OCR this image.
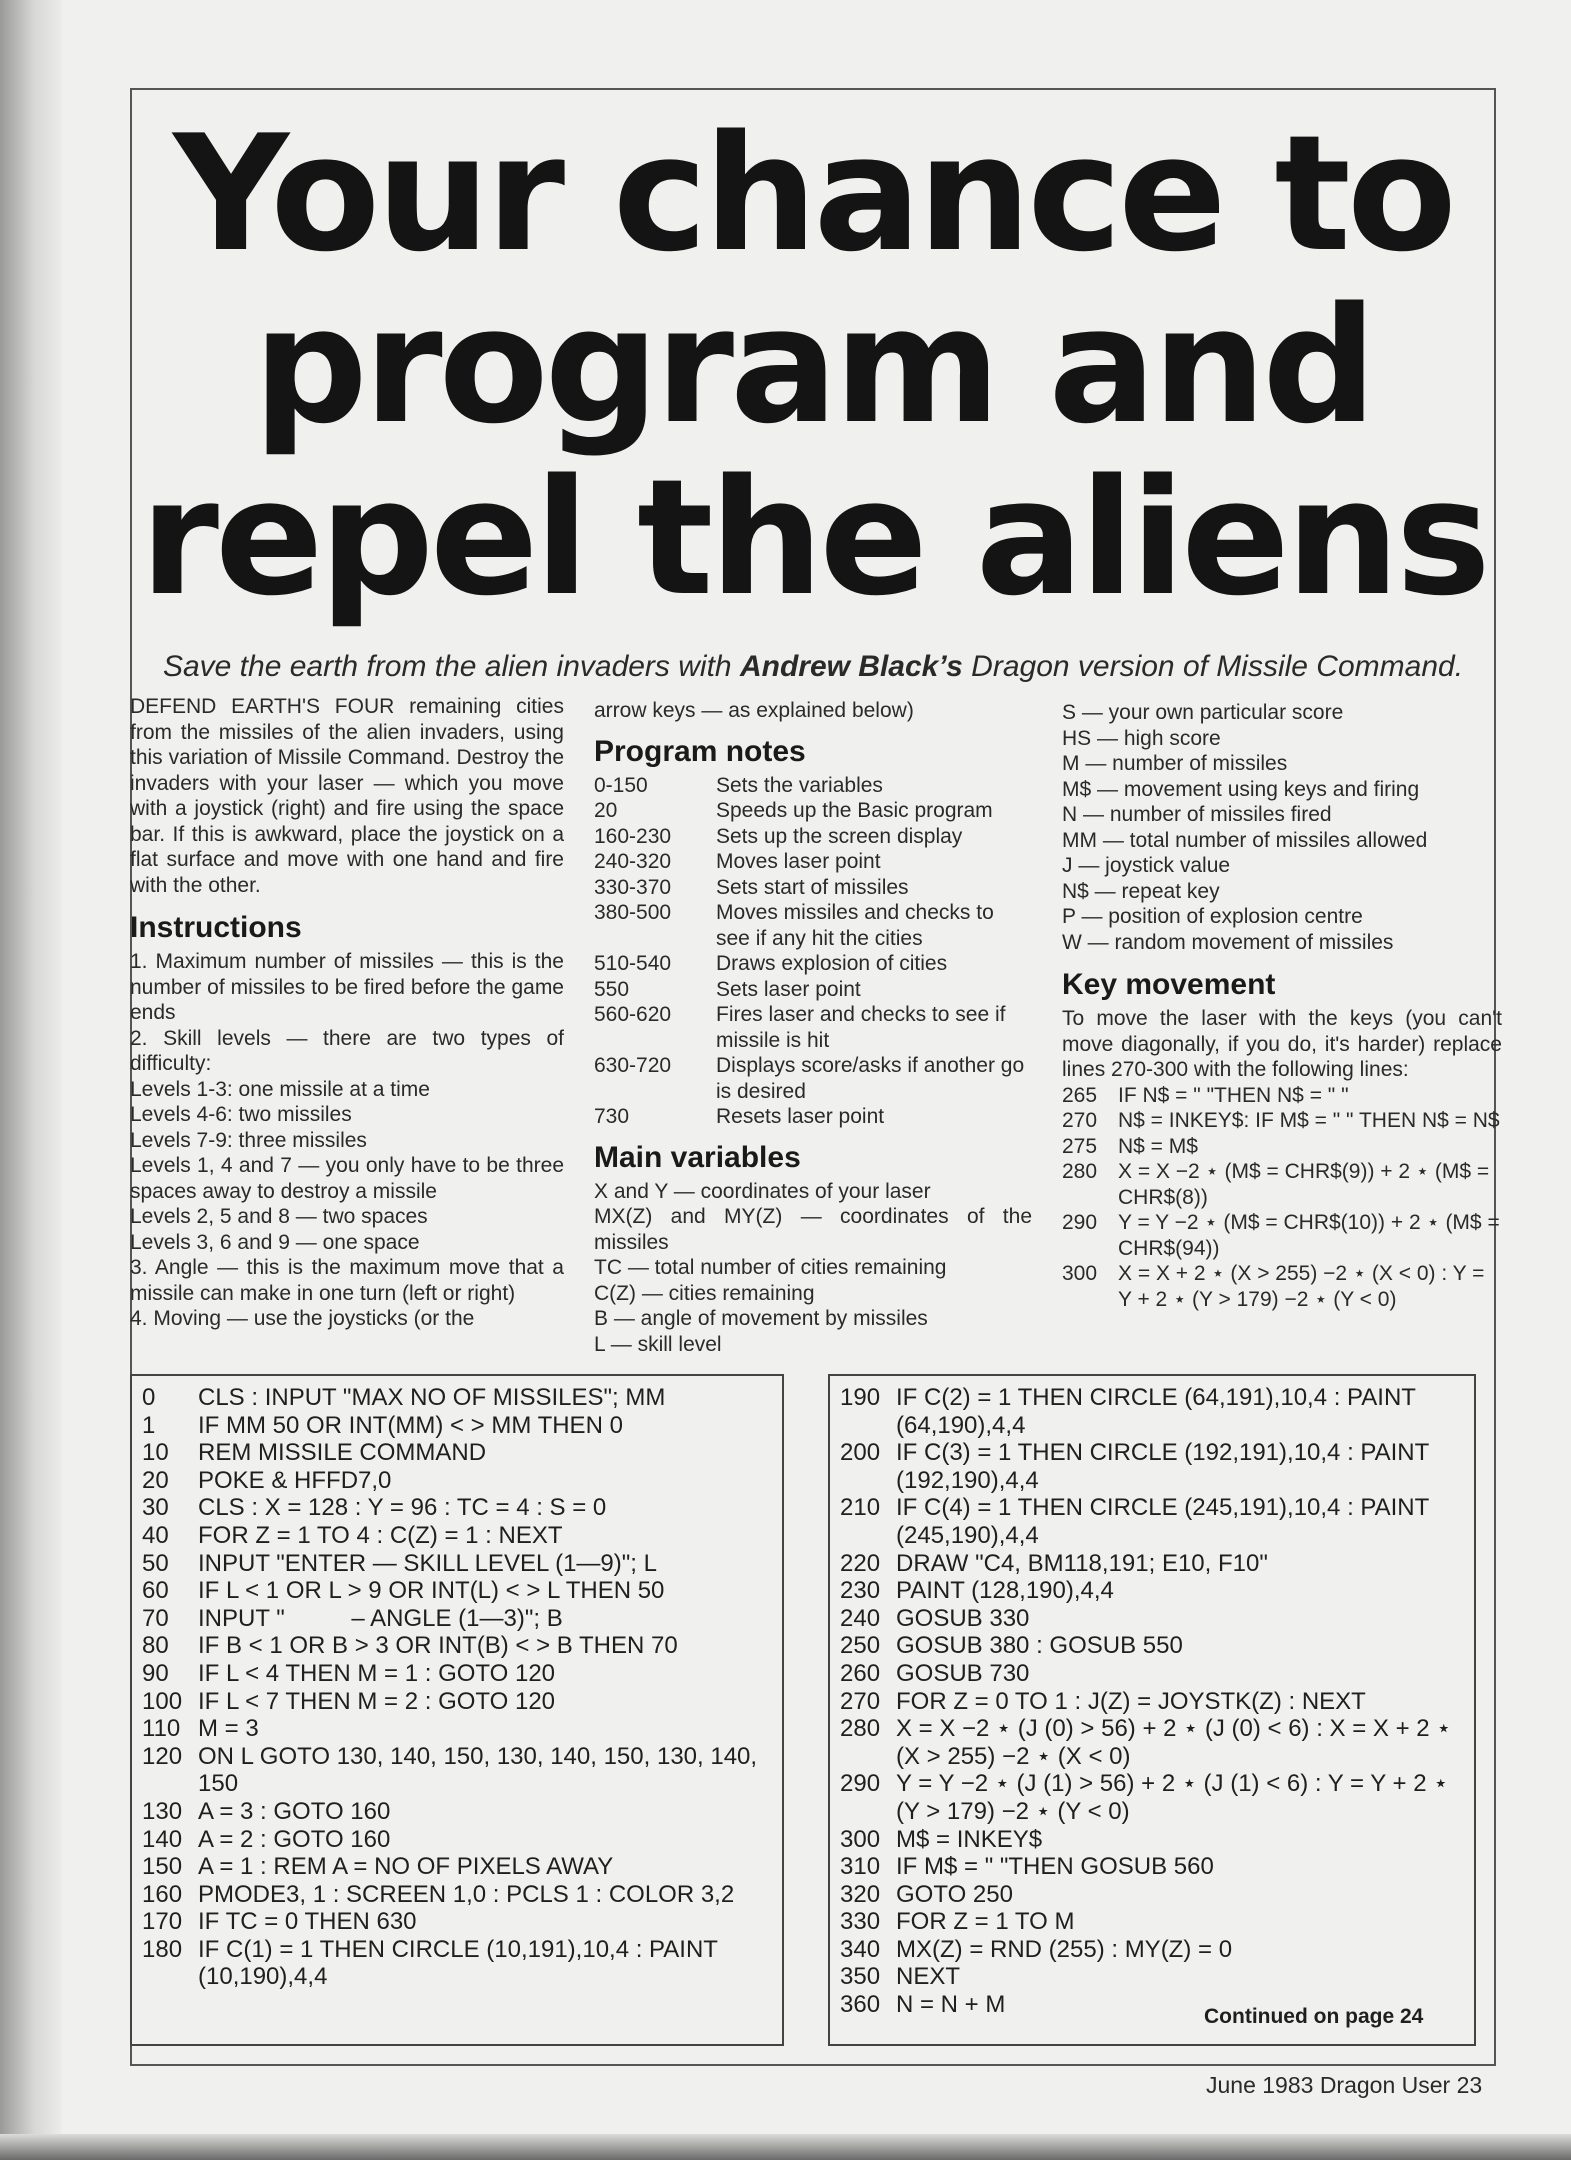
Your chance to
program and
repel the aliens
Save the earth from the alien invaders with Andrew Black’s Dragon version of Missile Command.

DEFEND EARTH'S FOUR remaining cities from the missiles of the alien invaders, using this variation of Missile Command. Destroy the invaders with your laser — which you move with a joystick (right) and fire using the space bar. If this is awkward, place the joystick on a flat surface and move with one hand and fire with the other.

Instructions

1. Maximum number of missiles — this is the number of missiles to be fired before the game ends

2. Skill levels — there are two types of difficulty:

Levels 1-3: one missile at a time

Levels 4-6: two missiles

Levels 7-9: three missiles

Levels 1, 4 and 7 — you only have to be three spaces away to destroy a missile

Levels 2, 5 and 8 — two spaces

Levels 3, 6 and 9 — one space

3. Angle — this is the maximum move that a missile can make in one turn (left or right)

4. Moving — use the joysticks (or the

arrow keys — as explained below)

Program notes
0-150	Sets the variables
20	Speeds up the Basic program
160-230	Sets up the screen display
240-320	Moves laser point
330-370	Sets start of missiles
380-500	Moves missiles and checks to see if any hit the cities
510-540	Draws explosion of cities
550	Sets laser point
560-620	Fires laser and checks to see if missile is hit
630-720	Displays score/asks if another go is desired
730	Resets laser point
Main variables

X and Y — coordinates of your laser

MX(Z) and MY(Z) — coordinates of the missiles

TC — total number of cities remaining

C(Z) — cities remaining

B — angle of movement by missiles

L — skill level

S — your own particular score

HS — high score

M — number of missiles

M$ — movement using keys and firing

N — number of missiles fired

MM — total number of missiles allowed

J — joystick value

N$ — repeat key

P — position of explosion centre

W — random movement of missiles

Key movement

To move the laser with the keys (you can't move diagonally, if you do, it's harder) replace lines 270-300 with the following lines:

265 IF N$ = " "THEN N$ = " "
270 N$ = INKEY$: IF M$ = " " THEN N$ = N$
275 N$ = M$
280 X = X −2 ⋆ (M$ = CHR$(9)) + 2 ⋆ (M$ = CHR$(8))
290 Y = Y −2 ⋆ (M$ = CHR$(10)) + 2 ⋆ (M$ = CHR$(94))
300 X = X + 2 ⋆ (X > 255) −2 ⋆ (X < 0) : Y = Y + 2 ⋆ (Y > 179) −2 ⋆ (Y < 0)
0	CLS : INPUT "MAX NO OF MISSILES"; MM
1	IF MM 50 OR INT(MM) < > MM THEN 0
10	REM MISSILE COMMAND
20	POKE & HFFD7,0
30	CLS : X = 128 : Y = 96 : TC = 4 : S = 0
40	FOR Z = 1 TO 4 : C(Z) = 1 : NEXT
50	INPUT "ENTER — SKILL LEVEL (1—9)"; L
60	IF L < 1 OR L > 9 OR INT(L) < > L THEN 50
70	INPUT "          – ANGLE (1—3)"; B
80	IF B < 1 OR B > 3 OR INT(B) < > B THEN 70
90	IF L < 4 THEN M = 1 : GOTO 120
100 IF L < 7 THEN M = 2 : GOTO 120
110 M = 3
120 ON L GOTO 130, 140, 150, 130, 140, 150, 130, 140, 150
130 A = 3 : GOTO 160
140 A = 2 : GOTO 160
150 A = 1 : REM A = NO OF PIXELS AWAY
160 PMODE3, 1 : SCREEN 1,0 : PCLS 1 : COLOR 3,2
170 IF TC = 0 THEN 630
180 IF C(1) = 1 THEN CIRCLE (10,191),10,4 : PAINT (10,190),4,4
190 IF C(2) = 1 THEN CIRCLE (64,191),10,4 : PAINT (64,190),4,4
200 IF C(3) = 1 THEN CIRCLE (192,191),10,4 : PAINT (192,190),4,4
210 IF C(4) = 1 THEN CIRCLE (245,191),10,4 : PAINT (245,190),4,4
220 DRAW "C4, BM118,191; E10, F10"
230 PAINT (128,190),4,4
240 GOSUB 330
250 GOSUB 380 : GOSUB 550
260 GOSUB 730
270 FOR Z = 0 TO 1 : J(Z) = JOYSTK(Z) : NEXT
280 X = X −2 ⋆ (J (0) > 56) + 2 ⋆ (J (0) < 6) : X = X + 2 ⋆ (X > 255) −2 ⋆ (X < 0)
290 Y = Y −2 ⋆ (J (1) > 56) + 2 ⋆ (J (1) < 6) : Y = Y + 2 ⋆ (Y > 179) −2 ⋆ (Y < 0)
300 M$ = INKEY$
310 IF M$ = " "THEN GOSUB 560
320 GOTO 250
330 FOR Z = 1 TO M
340 MX(Z) = RND (255) : MY(Z) = 0
350 NEXT
360 N = N + M	Continued on page 24
June 1983 Dragon User 23
